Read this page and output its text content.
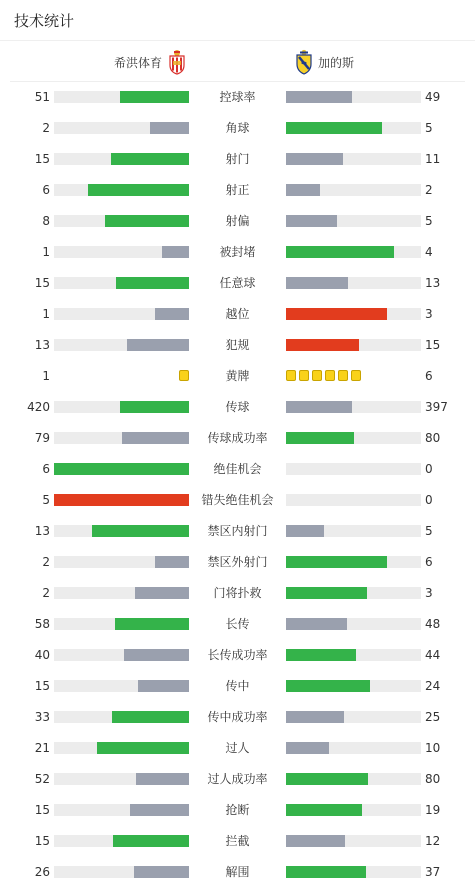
技术统计
希洪体育	加的斯
51	控球率	49
2	角球	5
15	射门	11
6	射正	2
8	射偏	5
1	被封堵	4
15	任意球	13
1	越位	3
13	犯规	15
1	黄牌	6
420	传球	397
79	传球成功率	80
6	绝佳机会	0
5	错失绝佳机会	0
13	禁区内射门	5
2	禁区外射门	6
2	门将扑救	3
58	长传	48
40	长传成功率	44
15	传中	24
33	传中成功率	25
21	过人	10
52	过人成功率	80
15	抢断	19
15	拦截	12
26	解围	37
